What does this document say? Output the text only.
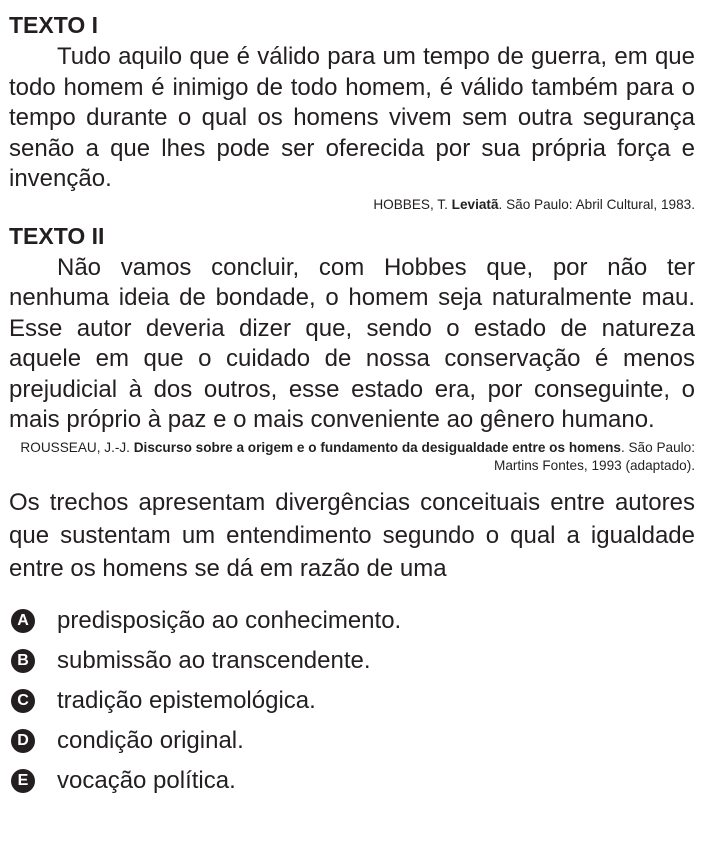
TEXTO I

Tudo aquilo que é válido para um tempo de guerra, em que todo homem é inimigo de todo homem, é válido também para o tempo durante o qual os homens vivem sem outra segurança senão a que lhes pode ser oferecida por sua própria força e invenção.

HOBBES, T. Leviatã. São Paulo: Abril Cultural, 1983.

TEXTO II

Não vamos concluir, com Hobbes que, por não ter nenhuma ideia de bondade, o homem seja naturalmente mau. Esse autor deveria dizer que, sendo o estado de natureza aquele em que o cuidado de nossa conservação é menos prejudicial à dos outros, esse estado era, por conseguinte, o mais próprio à paz e o mais conveniente ao gênero humano.

ROUSSEAU, J.-J. Discurso sobre a origem e o fundamento da desigualdade entre os homens. São Paulo: Martins Fontes, 1993 (adaptado).

Os trechos apresentam divergências conceituais entre autores que sustentam um entendimento segundo o qual a igualdade entre os homens se dá em razão de uma

A predisposição ao conhecimento.
B submissão ao transcendente.
C tradição epistemológica.
D condição original.
E vocação política.
